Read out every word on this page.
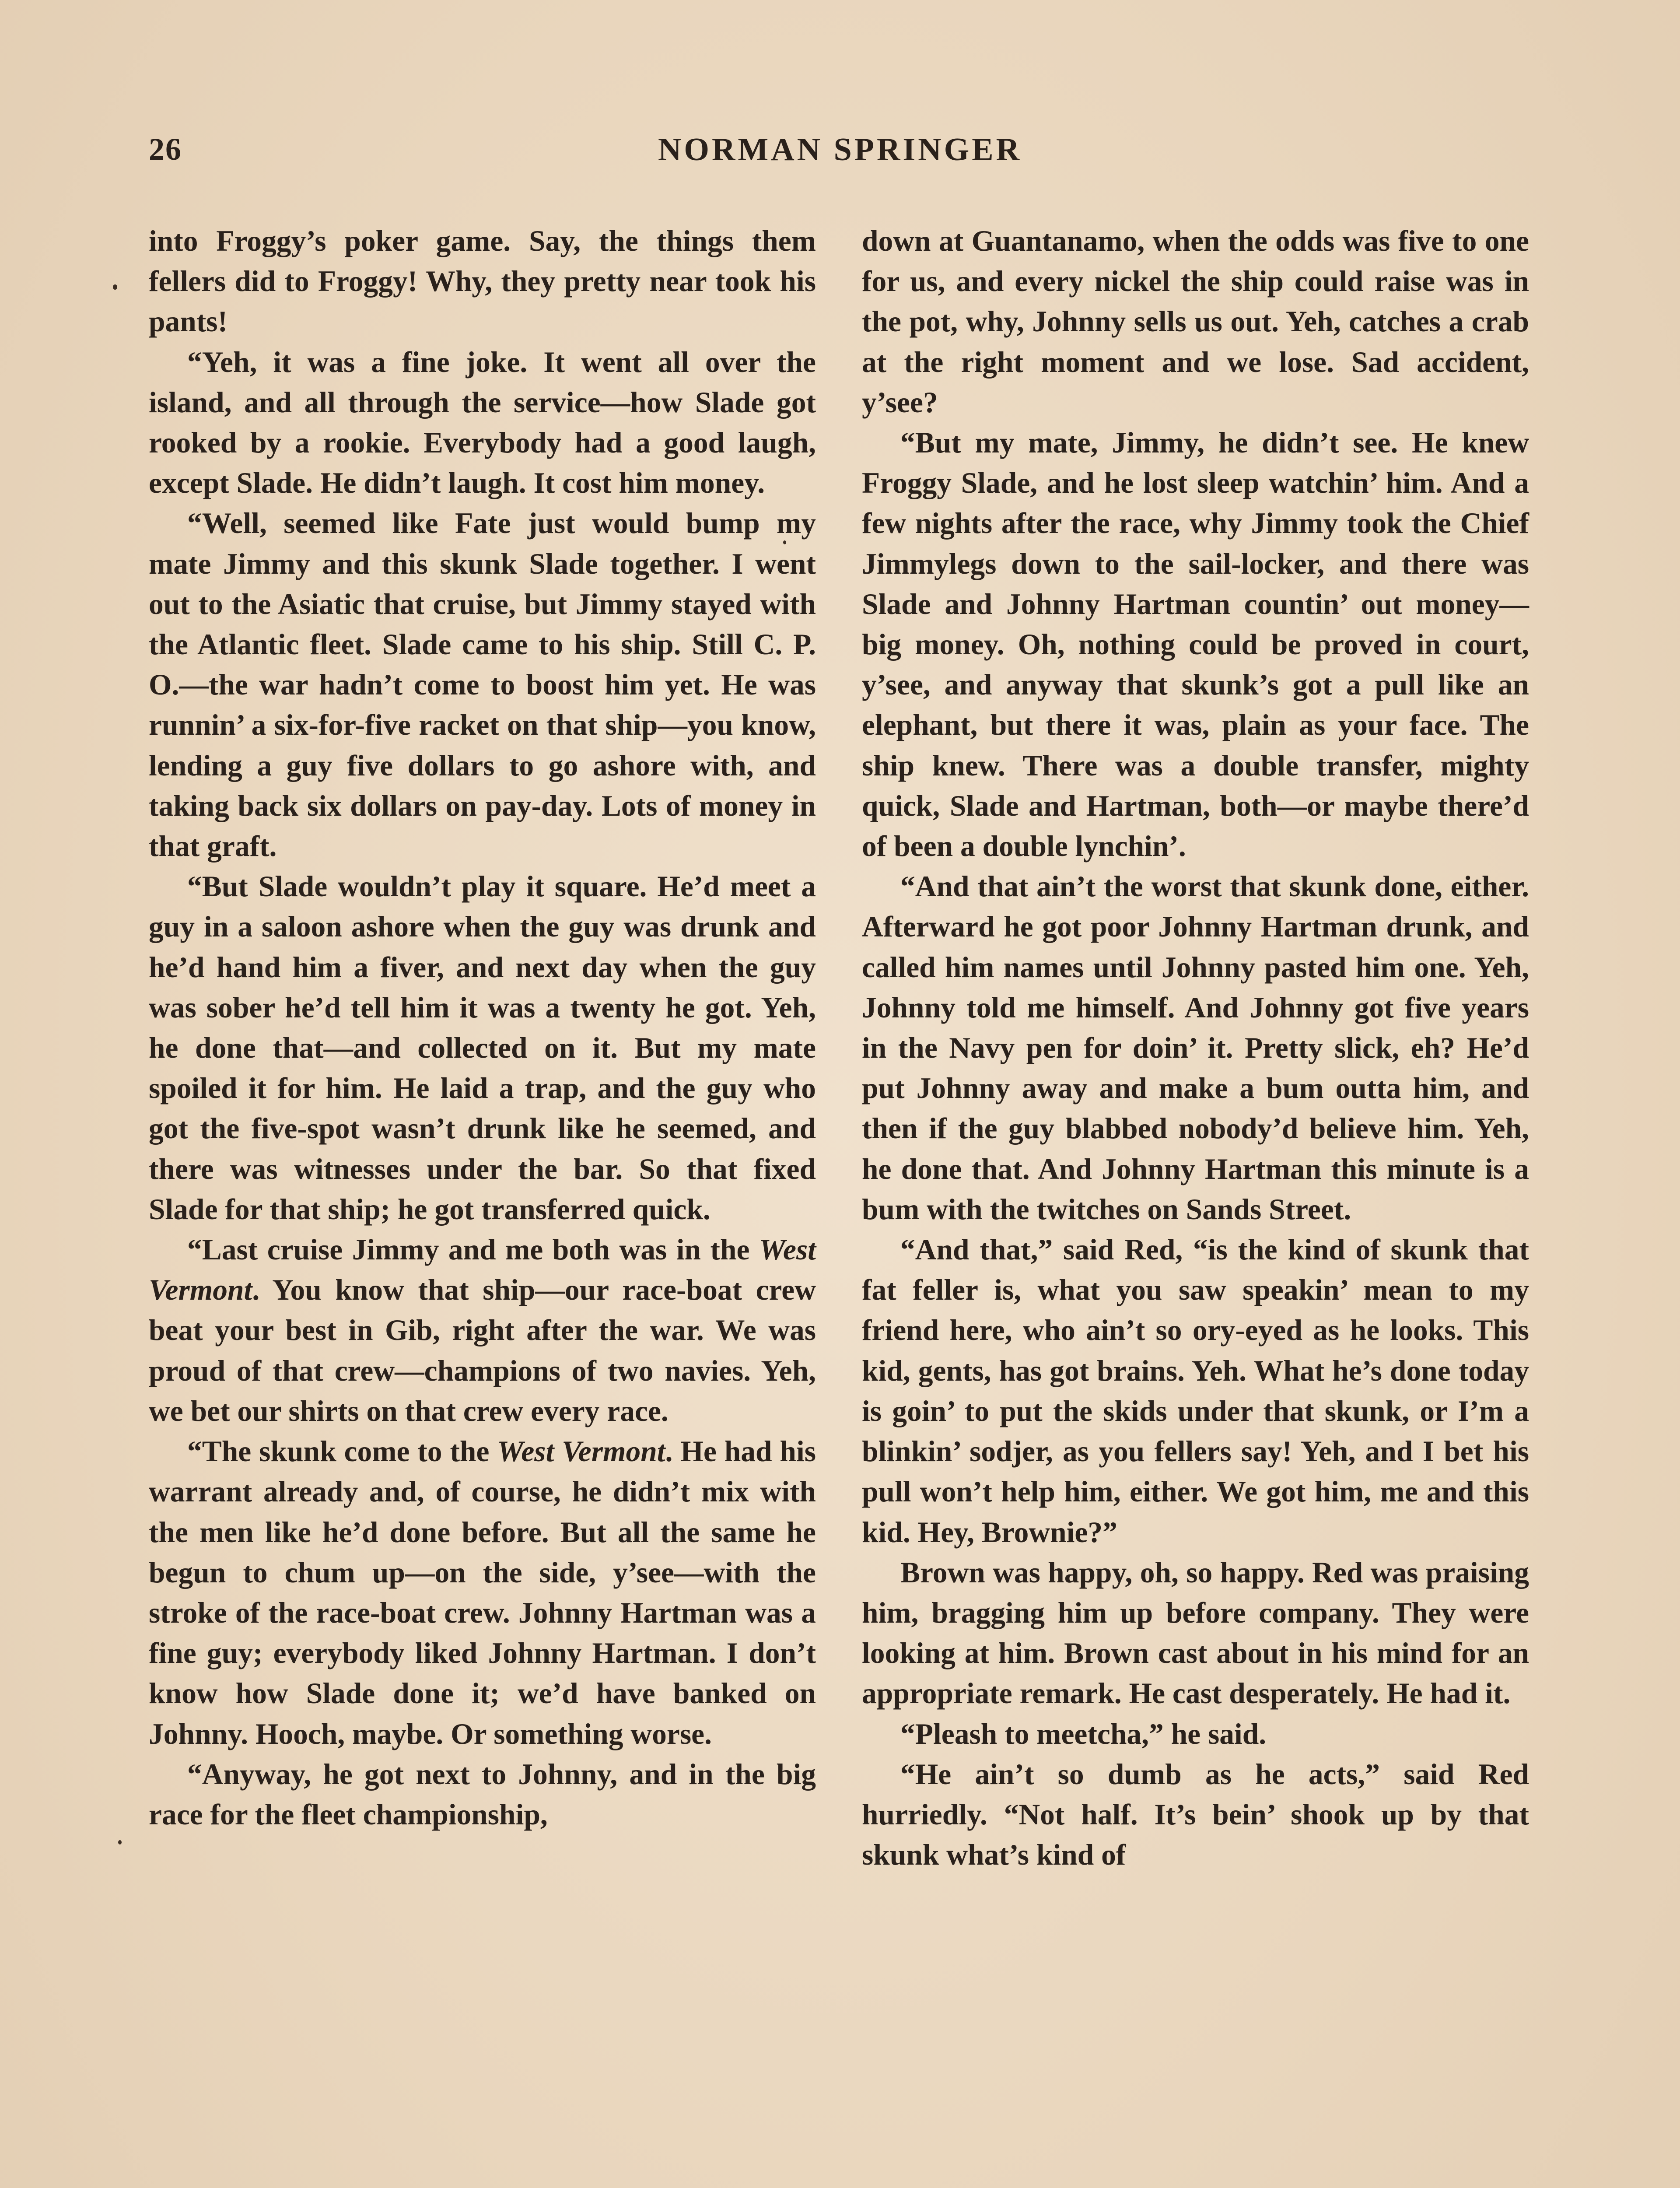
26	NORMAN SPRINGER

into Froggy’s poker game. Say, the things them fellers did to Froggy! Why, they pretty near took his pants!

“Yeh, it was a fine joke. It went all over the island, and all through the service—how Slade got rooked by a rookie. Everybody had a good laugh, except Slade. He didn’t laugh. It cost him money.

“Well, seemed like Fate just would bump my mate Jimmy and this skunk Slade together. I went out to the Asiatic that cruise, but Jimmy stayed with the Atlantic fleet. Slade came to his ship. Still C. P. O.—the war hadn’t come to boost him yet. He was runnin’ a six-for-five racket on that ship—you know, lending a guy five dollars to go ashore with, and taking back six dollars on pay-day. Lots of money in that graft.

“But Slade wouldn’t play it square. He’d meet a guy in a saloon ashore when the guy was drunk and he’d hand him a fiver, and next day when the guy was sober he’d tell him it was a twenty he got. Yeh, he done that—and collected on it. But my mate spoiled it for him. He laid a trap, and the guy who got the five-spot wasn’t drunk like he seemed, and there was witnesses under the bar. So that fixed Slade for that ship; he got transferred quick.

“Last cruise Jimmy and me both was in the West Vermont. You know that ship—our race-boat crew beat your best in Gib, right after the war. We was proud of that crew—champions of two navies. Yeh, we bet our shirts on that crew every race.

“The skunk come to the West Vermont. He had his warrant already and, of course, he didn’t mix with the men like he’d done before. But all the same he begun to chum up—on the side, y’see—with the stroke of the race-boat crew. Johnny Hartman was a fine guy; everybody liked Johnny Hartman. I don’t know how Slade done it; we’d have banked on Johnny. Hooch, maybe. Or something worse.

“Anyway, he got next to Johnny, and in the big race for the fleet championship,

down at Guantanamo, when the odds was five to one for us, and every nickel the ship could raise was in the pot, why, Johnny sells us out. Yeh, catches a crab at the right moment and we lose. Sad accident, y’see?

“But my mate, Jimmy, he didn’t see. He knew Froggy Slade, and he lost sleep watchin’ him. And a few nights after the race, why Jimmy took the Chief Jimmylegs down to the sail-locker, and there was Slade and Johnny Hartman countin’ out money—big money. Oh, nothing could be proved in court, y’see, and anyway that skunk’s got a pull like an elephant, but there it was, plain as your face. The ship knew. There was a double transfer, mighty quick, Slade and Hartman, both—or maybe there’d of been a double lynchin’.

“And that ain’t the worst that skunk done, either. Afterward he got poor Johnny Hartman drunk, and called him names until Johnny pasted him one. Yeh, Johnny told me himself. And Johnny got five years in the Navy pen for doin’ it. Pretty slick, eh? He’d put Johnny away and make a bum outta him, and then if the guy blabbed nobody’d believe him. Yeh, he done that. And Johnny Hartman this minute is a bum with the twitches on Sands Street.

“And that,” said Red, “is the kind of skunk that fat feller is, what you saw speakin’ mean to my friend here, who ain’t so ory-eyed as he looks. This kid, gents, has got brains. Yeh. What he’s done today is goin’ to put the skids under that skunk, or I’m a blinkin’ sodjer, as you fellers say! Yeh, and I bet his pull won’t help him, either. We got him, me and this kid. Hey, Brownie?”

Brown was happy, oh, so happy. Red was praising him, bragging him up before company. They were looking at him. Brown cast about in his mind for an appropriate remark. He cast desperately. He had it.

“Pleash to meetcha,” he said.

“He ain’t so dumb as he acts,” said Red hurriedly. “Not half. It’s bein’ shook up by that skunk what’s kind of
